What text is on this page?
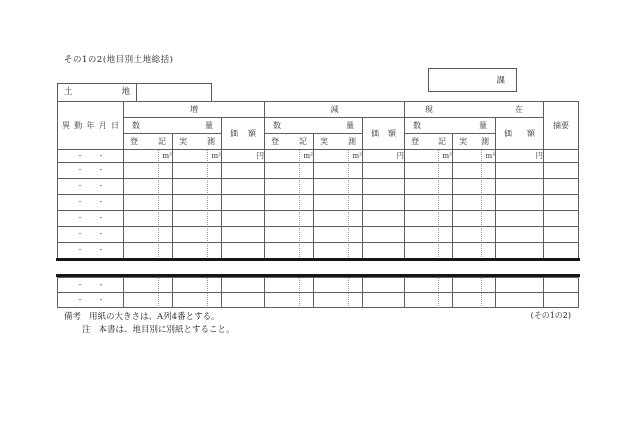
その1の2(地目別土地総括)
課
土 地
異 動 年 月 日	増			減			現 在			摘要

	数 量		価 額	数 量		価 額	数 量		価 額	

	登 記	実 測		登 記	実 測		登 記	実 測		

・　　・	m²	m²	円	m²	m²	円	m²	m²	円	
・　　・										
・　　・										
・　　・										
・　　・										
・　　・										
・　　・										
・　　・										
・　　・										
備考 用紙の大きさは、A列4番とする。
注 本書は、地目別に別紙とすること。
(その1の2)
